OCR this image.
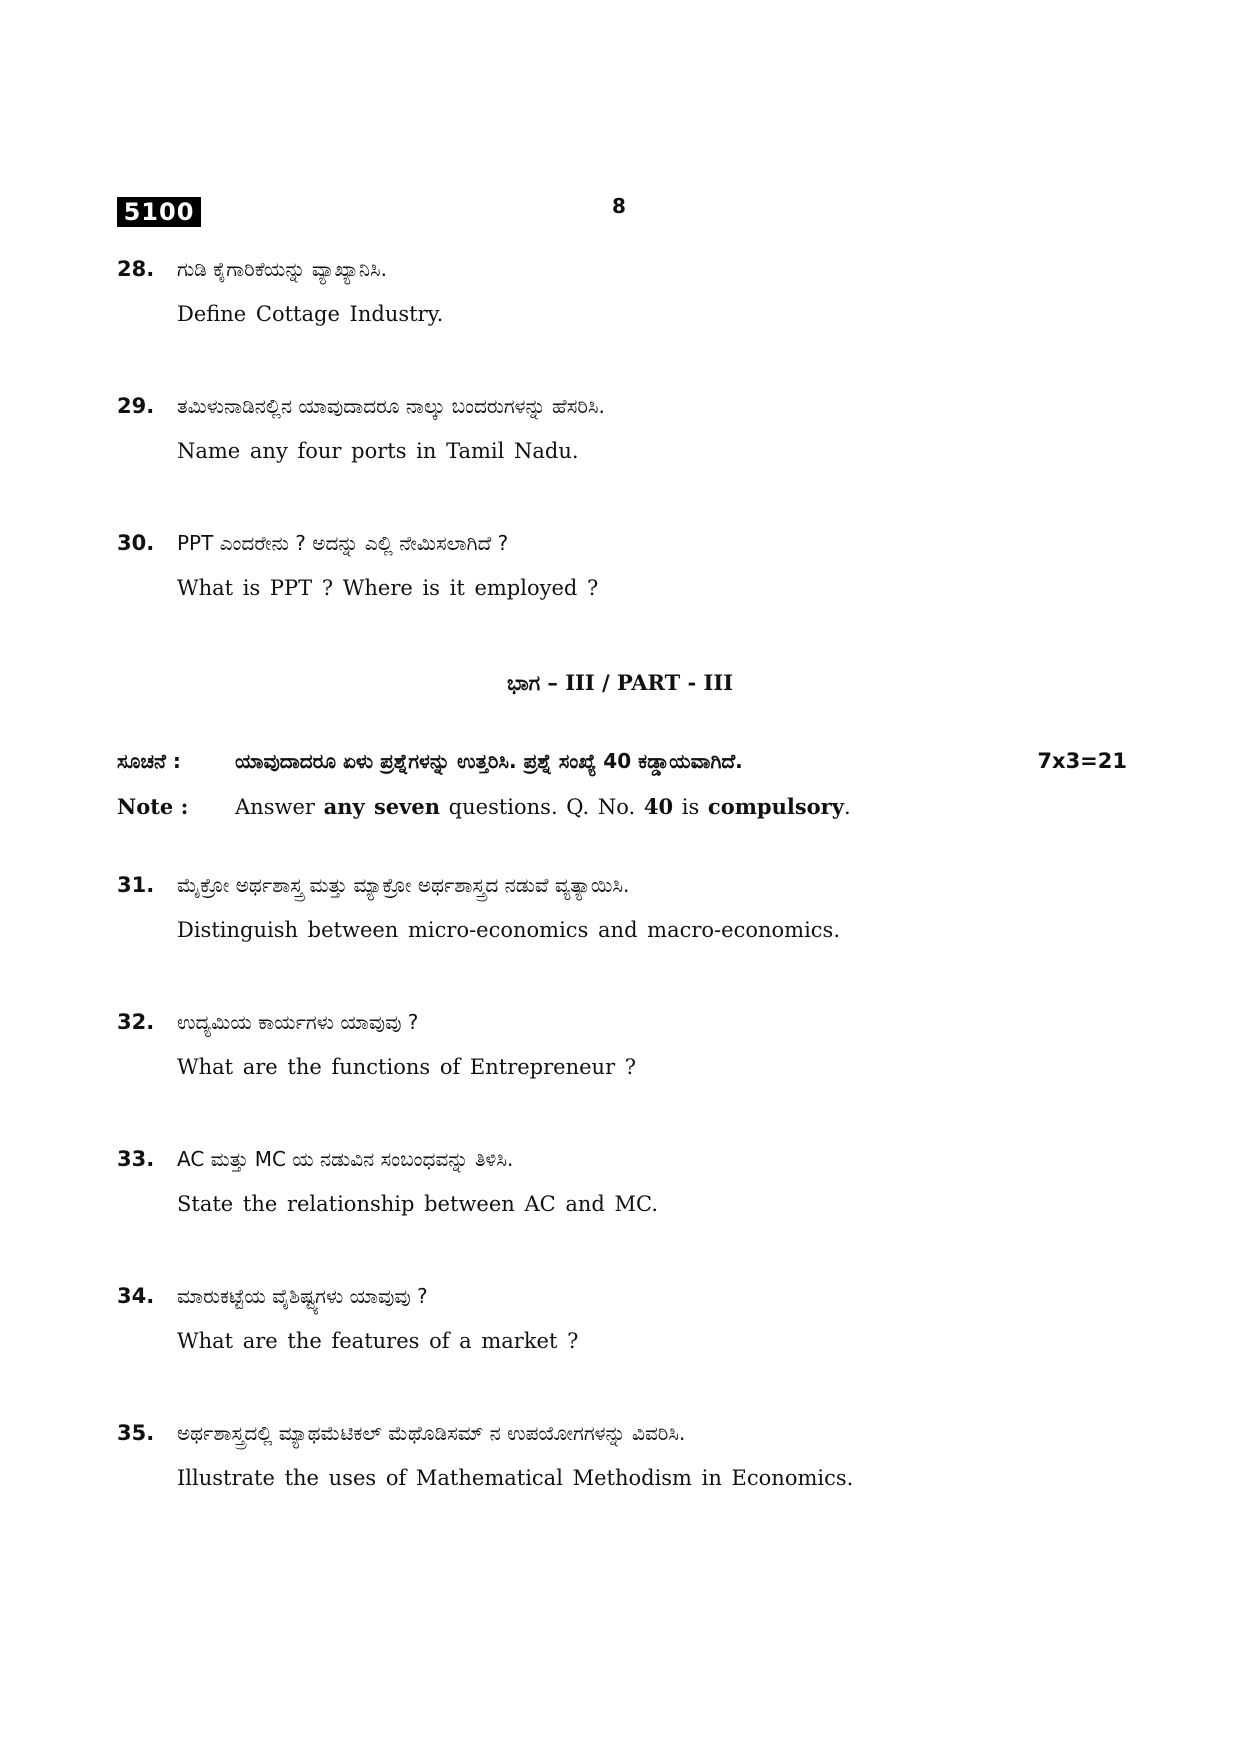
5100	8
28. ಗುಡಿ ಕೈಗಾರಿಕೆಯನ್ನು ವ್ಯಾಖ್ಯಾನಿಸಿ.
Define Cottage Industry.
29. ತಮಿಳುನಾಡಿನಲ್ಲಿನ ಯಾವುದಾದರೂ ನಾಲ್ಕು ಬಂದರುಗಳನ್ನು ಹೆಸರಿಸಿ.
Name any four ports in Tamil Nadu.
30. PPT ಎಂದರೇನು ? ಅದನ್ನು ಎಲ್ಲಿ ನೇಮಿಸಲಾಗಿದೆ ?
What is PPT ? Where is it employed ?
ಭಾಗ – III / PART - III
ಸೂಚನೆ :	ಯಾವುದಾದರೂ ಏಳು ಪ್ರಶ್ನೆಗಳನ್ನು ಉತ್ತರಿಸಿ. ಪ್ರಶ್ನೆ ಸಂಖ್ಯೆ 40 ಕಡ್ಡಾಯವಾಗಿದೆ.	7x3=21
Note : Answer any seven questions. Q. No. 40 is compulsory.
31. ಮೈಕ್ರೋ ಅರ್ಥಶಾಸ್ತ್ರ ಮತ್ತು ಮ್ಯಾಕ್ರೋ ಅರ್ಥಶಾಸ್ತ್ರದ ನಡುವೆ ವ್ಯತ್ಯಾಯಿಸಿ.
Distinguish between micro-economics and macro-economics.
32. ಉದ್ಯಮಿಯ ಕಾರ್ಯಗಳು ಯಾವುವು ?
What are the functions of Entrepreneur ?
33. AC ಮತ್ತು MC ಯ ನಡುವಿನ ಸಂಬಂಧವನ್ನು ತಿಳಿಸಿ.
State the relationship between AC and MC.
34. ಮಾರುಕಟ್ಟೆಯ ವೈಶಿಷ್ಟ್ಯಗಳು ಯಾವುವು ?
What are the features of a market ?
35. ಅರ್ಥಶಾಸ್ತ್ರದಲ್ಲಿ ಮ್ಯಾಥಮೆಟಿಕಲ್ ಮೆಥೊಡಿಸಮ್ ನ ಉಪಯೋಗಗಳನ್ನು ವಿವರಿಸಿ.
Illustrate the uses of Mathematical Methodism in Economics.
